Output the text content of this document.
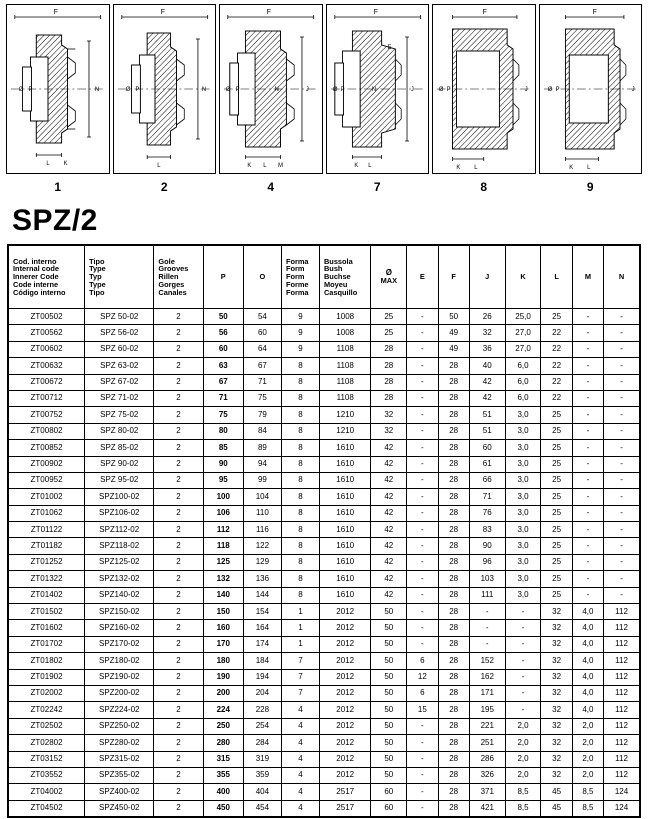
F
Ø P	N
L K
F
Ø P	N
L
F
Ø P	N	J
K L M
F
Ø P	N	J
E
K L
F
Ø P	J
K L
F
Ø P	J
K L
1	2	4	7	8	9
SPZ/2
Cod. interno
Internal code
Innerer Code
Code interne
Código interno	Tipo
Type
Typ
Type
Tipo	Gole
Grooves
Rillen
Gorges
Canales	P	O	Forma
Form
Form
Forme
Forma	Bussola
Bush
Buchse
Moyeu
Casquillo	Ø
MAX	E	F	J	K	L	M	N

ZT00502	SPZ 50-02	2	50	54	9	1008	25	-	50	26	25,0	25	-	-
ZT00562	SPZ 56-02	2	56	60	9	1008	25	-	49	32	27,0	22	-	-
ZT00602	SPZ 60-02	2	60	64	9	1108	28	-	49	36	27,0	22	-	-
ZT00632	SPZ 63-02	2	63	67	8	1108	28	-	28	40	6,0	22	-	-
ZT00672	SPZ 67-02	2	67	71	8	1108	28	-	28	42	6,0	22	-	-
ZT00712	SPZ 71-02	2	71	75	8	1108	28	-	28	42	6,0	22	-	-
ZT00752	SPZ 75-02	2	75	79	8	1210	32	-	28	51	3,0	25	-	-
ZT00802	SPZ 80-02	2	80	84	8	1210	32	-	28	51	3,0	25	-	-
ZT00852	SPZ 85-02	2	85	89	8	1610	42	-	28	60	3,0	25	-	-
ZT00902	SPZ 90-02	2	90	94	8	1610	42	-	28	61	3,0	25	-	-
ZT00952	SPZ 95-02	2	95	99	8	1610	42	-	28	66	3,0	25	-	-
ZT01002	SPZ100-02	2	100	104	8	1610	42	-	28	71	3,0	25	-	-
ZT01062	SPZ106-02	2	106	110	8	1610	42	-	28	76	3,0	25	-	-
ZT01122	SPZ112-02	2	112	116	8	1610	42	-	28	83	3,0	25	-	-
ZT01182	SPZ118-02	2	118	122	8	1610	42	-	28	90	3,0	25	-	-
ZT01252	SPZ125-02	2	125	129	8	1610	42	-	28	96	3,0	25	-	-
ZT01322	SPZ132-02	2	132	136	8	1610	42	-	28	103	3,0	25	-	-
ZT01402	SPZ140-02	2	140	144	8	1610	42	-	28	111	3,0	25	-	-
ZT01502	SPZ150-02	2	150	154	1	2012	50	-	28	-	-	32	4,0	112
ZT01602	SPZ160-02	2	160	164	1	2012	50	-	28	-	-	32	4,0	112
ZT01702	SPZ170-02	2	170	174	1	2012	50	-	28	-	-	32	4,0	112
ZT01802	SPZ180-02	2	180	184	7	2012	50	6	28	152	-	32	4,0	112
ZT01902	SPZ190-02	2	190	194	7	2012	50	12	28	162	-	32	4,0	112
ZT02002	SPZ200-02	2	200	204	7	2012	50	6	28	171	-	32	4,0	112
ZT02242	SPZ224-02	2	224	228	4	2012	50	15	28	195	-	32	4,0	112
ZT02502	SPZ250-02	2	250	254	4	2012	50	-	28	221	2,0	32	2,0	112
ZT02802	SPZ280-02	2	280	284	4	2012	50	-	28	251	2,0	32	2,0	112
ZT03152	SPZ315-02	2	315	319	4	2012	50	-	28	286	2,0	32	2,0	112
ZT03552	SPZ355-02	2	355	359	4	2012	50	-	28	326	2,0	32	2,0	112
ZT04002	SPZ400-02	2	400	404	4	2517	60	-	28	371	8,5	45	8,5	124
ZT04502	SPZ450-02	2	450	454	4	2517	60	-	28	421	8,5	45	8,5	124
